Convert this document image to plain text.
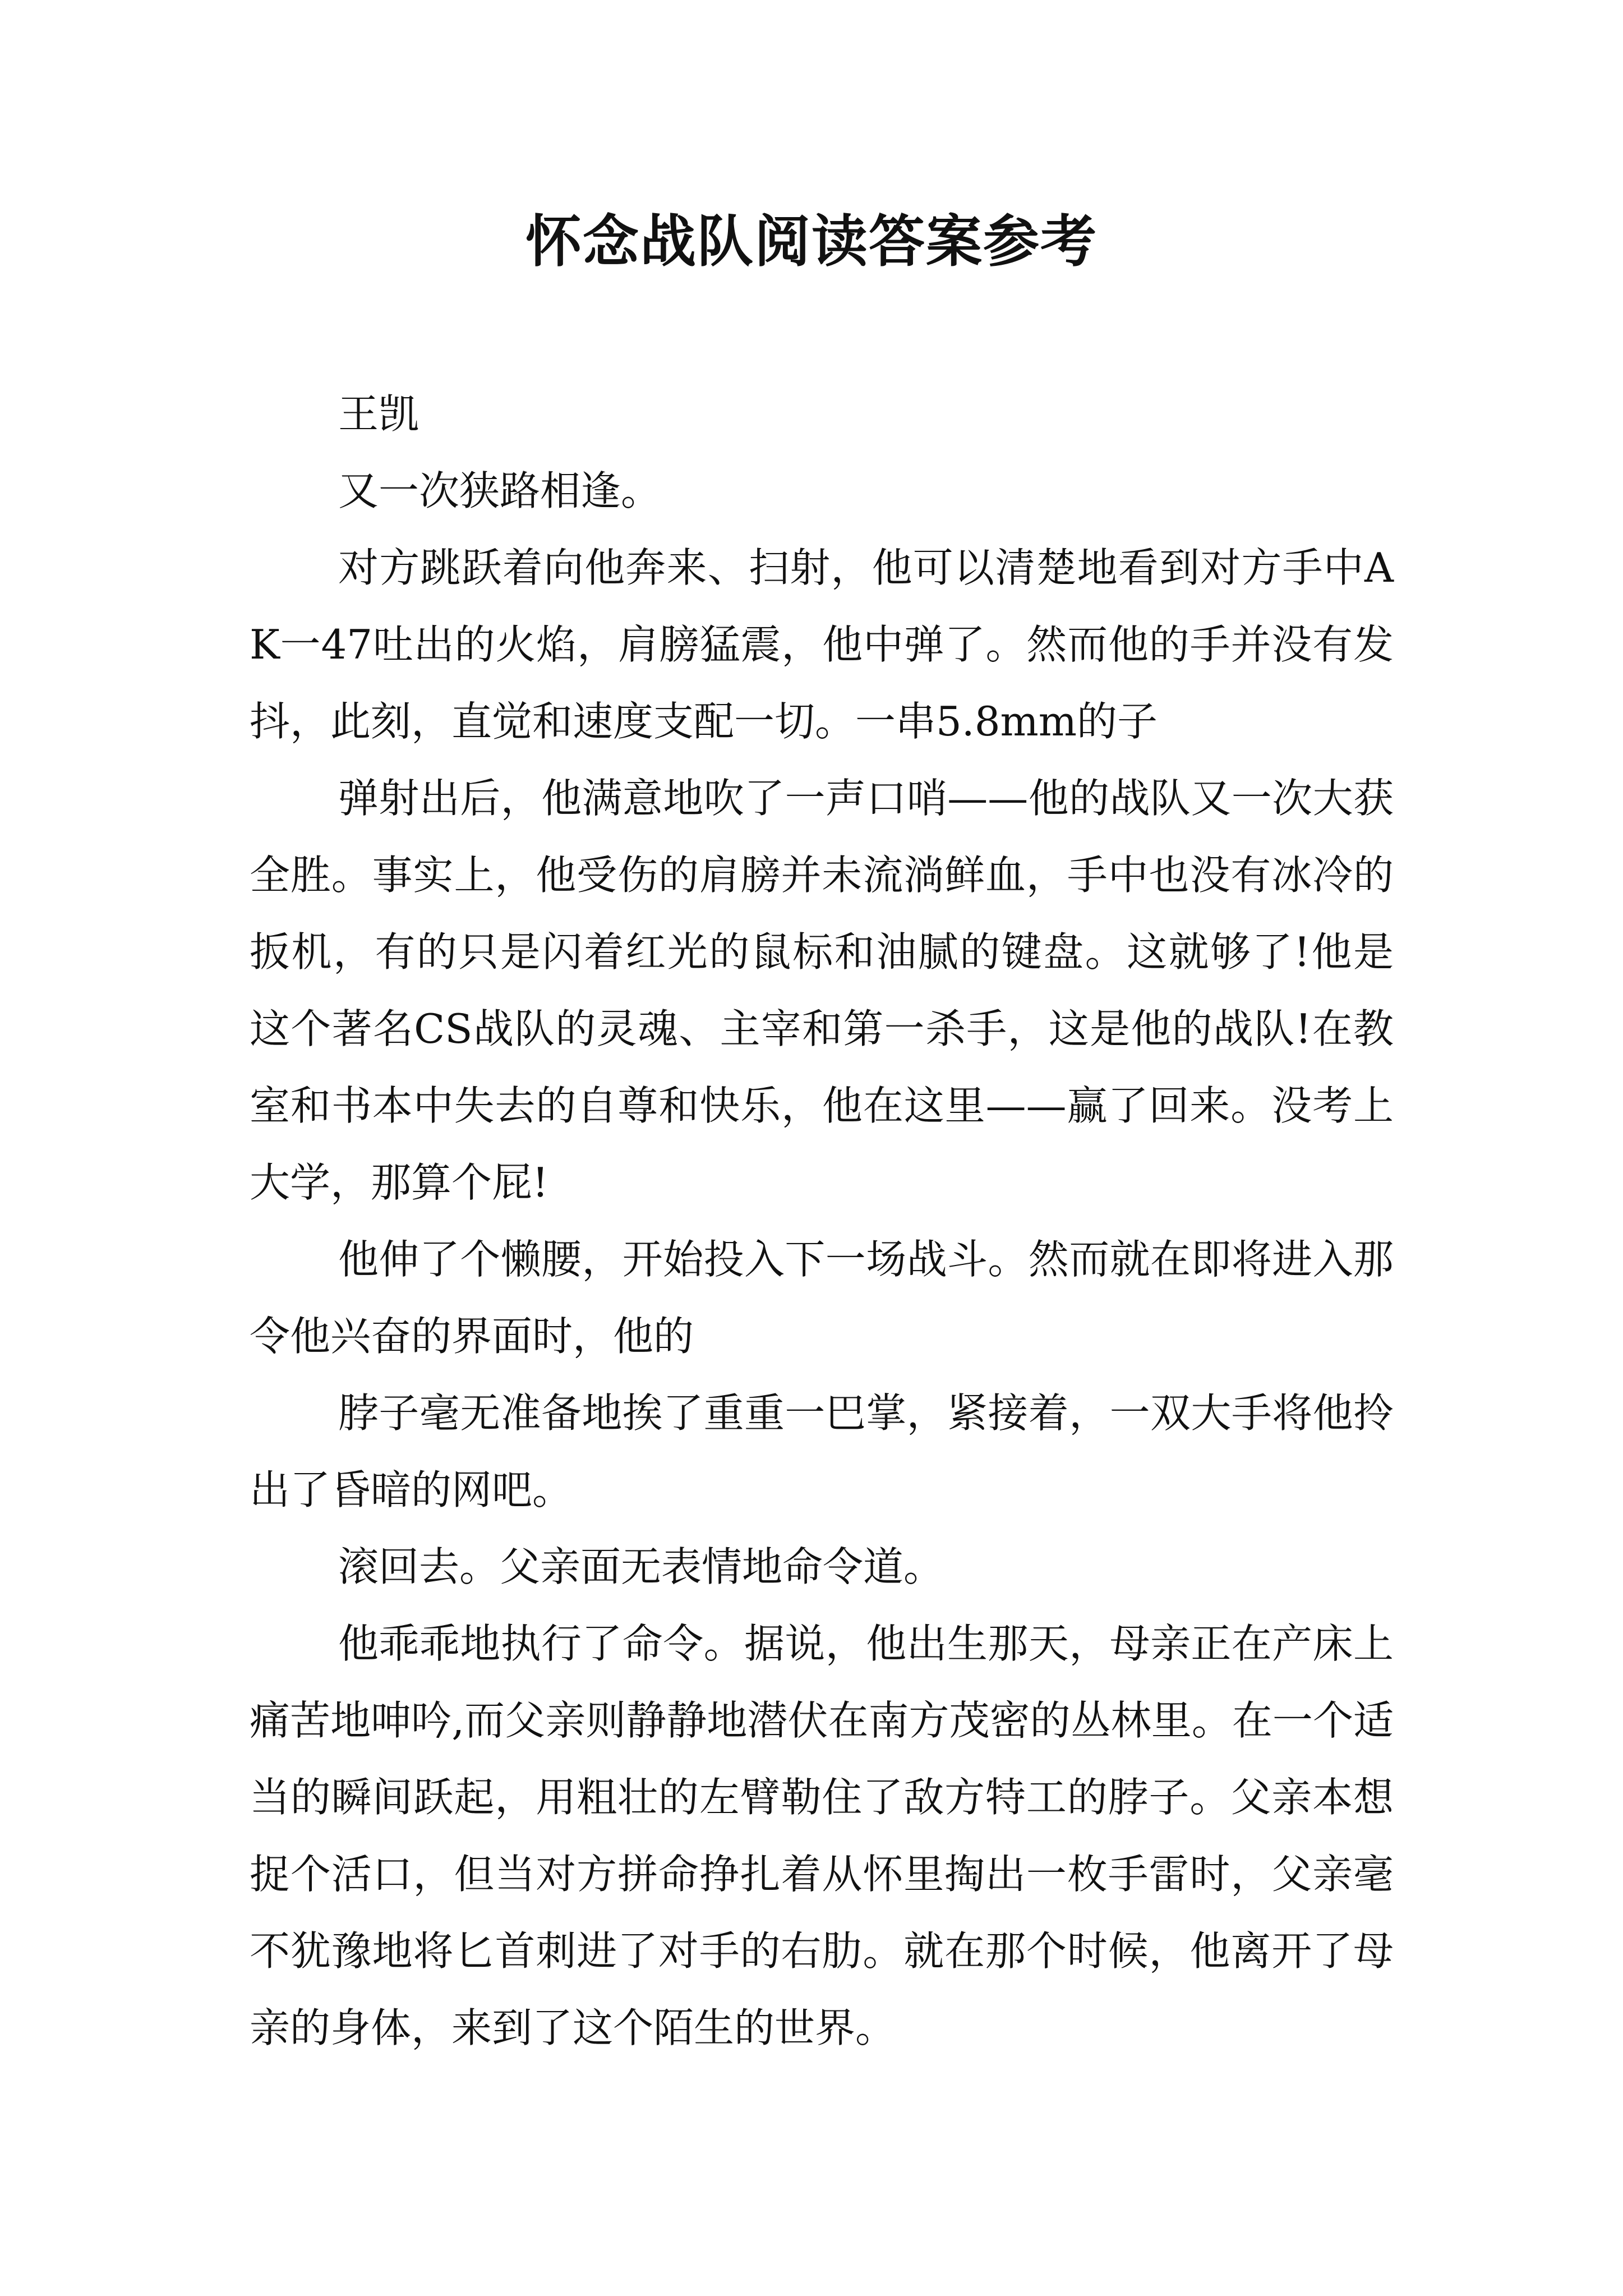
怀念战队阅读答案参考

王凯

又一次狭路相逢。

对方跳跃着向他奔来、扫射，他可以清楚地看到对方手中AK一47吐出的火焰，肩膀猛震，他中弹了。然而他的手并没有发抖，此刻，直觉和速度支配一切。一串5.8mm的子

弹射出后，他满意地吹了一声口哨——他的战队又一次大获全胜。事实上，他受伤的肩膀并未流淌鲜血，手中也没有冰冷的扳机，有的只是闪着红光的鼠标和油腻的键盘。这就够了!他是这个著名CS战队的灵魂、主宰和第一杀手，这是他的战队!在教室和书本中失去的自尊和快乐，他在这里——赢了回来。没考上大学，那算个屁!

他伸了个懒腰，开始投入下一场战斗。然而就在即将进入那令他兴奋的界面时，他的

脖子毫无准备地挨了重重一巴掌，紧接着，一双大手将他拎出了昏暗的网吧。

滚回去。父亲面无表情地命令道。

他乖乖地执行了命令。据说，他出生那天，母亲正在产床上痛苦地呻吟,而父亲则静静地潜伏在南方茂密的丛林里。在一个适当的瞬间跃起，用粗壮的左臂勒住了敌方特工的脖子。父亲本想捉个活口，但当对方拼命挣扎着从怀里掏出一枚手雷时，父亲毫不犹豫地将匕首刺进了对手的右肋。就在那个时候，他离开了母亲的身体，来到了这个陌生的世界。
